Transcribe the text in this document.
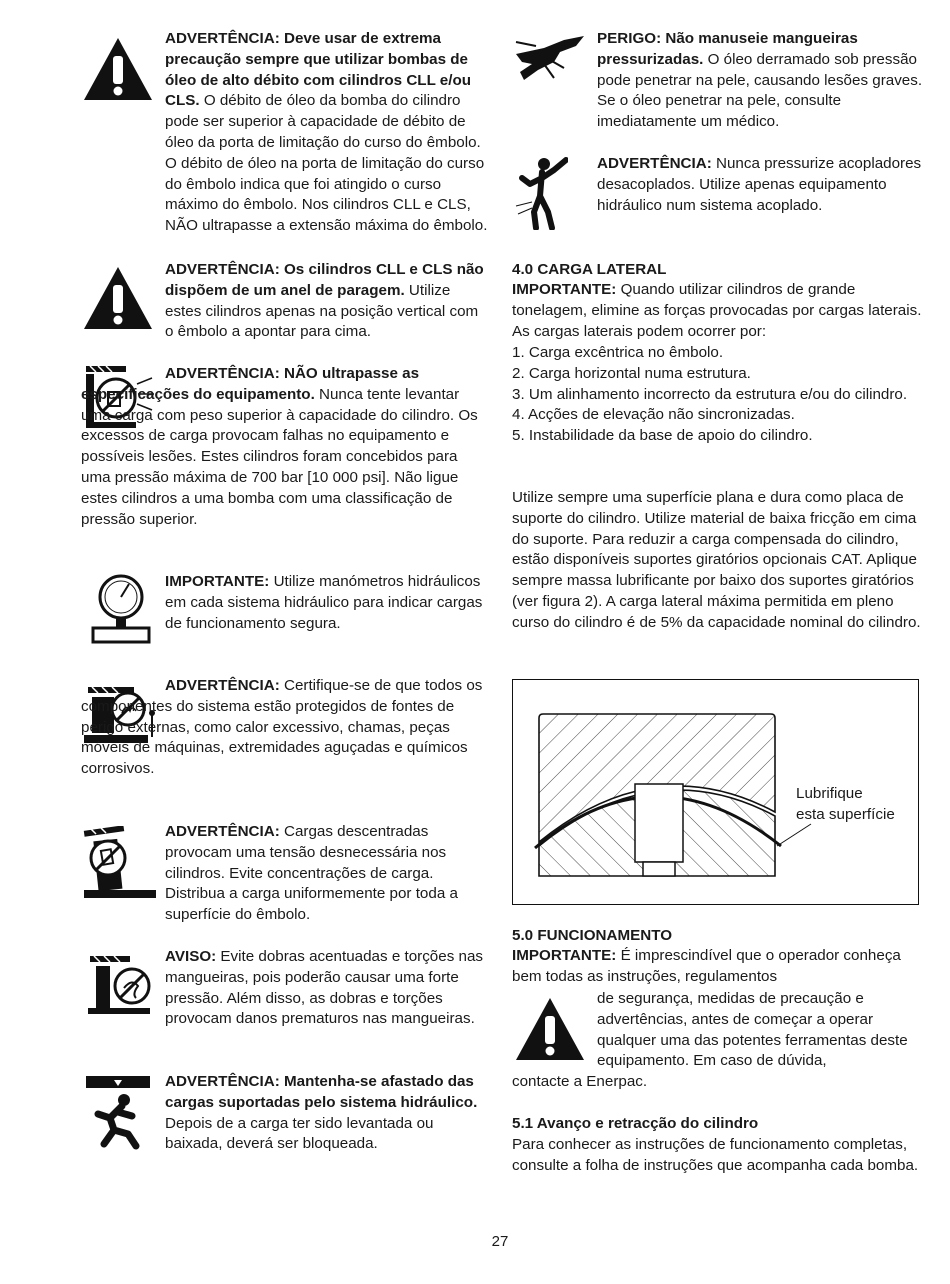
ADVERTÊNCIA: Deve usar de extrema precaução sempre que utilizar bombas de óleo de alto débito com cilindros CLL e/ou CLS. O débito de óleo da bomba do cilindro pode ser superior à capacidade de débito de óleo da porta de limitação do curso do êmbolo. O débito de óleo na porta de limitação do curso do êmbolo indica que foi atingido o curso máximo do êmbolo. Nos cilindros CLL e CLS, NÃO ultrapasse a extensão máxima do êmbolo.

ADVERTÊNCIA: Os cilindros CLL e CLS não dispõem de um anel de paragem. Utilize estes cilindros apenas na posição vertical com o êmbolo a apontar para cima.

ADVERTÊNCIA: NÃO ultrapasse as especificações do equipamento. Nunca tente levantar uma carga com peso superior à capacidade do cilindro. Os excessos de carga provocam falhas no equipamento e possíveis lesões. Estes cilindros foram concebidos para uma pressão máxima de 700 bar [10 000 psi]. Não ligue estes cilindros a uma bomba com uma classificação de pressão superior.

IMPORTANTE: Utilize manómetros hidráulicos em cada sistema hidráulico para indicar cargas de funcionamento segura.

ADVERTÊNCIA: Certifique-se de que todos os componentes do sistema estão protegidos de fontes de perigo externas, como calor excessivo, chamas, peças móveis de máquinas, extremidades aguçadas e químicos corrosivos.

ADVERTÊNCIA: Cargas descentradas provocam uma tensão desnecessária nos cilindros. Evite concentrações de carga. Distribua a carga uniformemente por toda a superfície do êmbolo.

AVISO: Evite dobras acentuadas e torções nas mangueiras, pois poderão causar uma forte pressão. Além disso, as dobras e torções provocam danos prematuros nas mangueiras.

ADVERTÊNCIA: Mantenha-se afastado das cargas suportadas pelo sistema hidráulico. Depois de a carga ter sido levantada ou baixada, deverá ser bloqueada.

PERIGO: Não manuseie mangueiras pressurizadas. O óleo derramado sob pressão pode penetrar na pele, causando lesões graves. Se o óleo penetrar na pele, consulte imediatamente um médico.

ADVERTÊNCIA: Nunca pressurize acopladores desacoplados. Utilize apenas equipamento hidráulico num sistema acoplado.

4.0 CARGA LATERAL

IMPORTANTE: Quando utilizar cilindros de grande tonelagem, elimine as forças provocadas por cargas laterais. As cargas laterais podem ocorrer por:

1. Carga excêntrica no êmbolo.
2. Carga horizontal numa estrutura.
3. Um alinhamento incorrecto da estrutura e/ou do cilindro.
4. Acções de elevação não sincronizadas.
5. Instabilidade da base de apoio do cilindro.

Utilize sempre uma superfície plana e dura como placa de suporte do cilindro. Utilize material de baixa fricção em cima do suporte. Para reduzir a carga compensada do cilindro, estão disponíveis suportes giratórios opcionais CAT. Aplique sempre massa lubrificante por baixo dos suportes giratórios (ver figura 2). A carga lateral máxima permitida em pleno curso do cilindro é de 5% da capacidade nominal do cilindro.

Lubrifique
esta superfície

5.0 FUNCIONAMENTO

IMPORTANTE: É imprescindível que o operador conheça bem todas as instruções, regulamentos

de segurança, medidas de precaução e advertências, antes de começar a operar qualquer uma das potentes ferramentas deste equipamento. Em caso de dúvida,

contacte a Enerpac.

5.1 Avanço e retracção do cilindro

Para conhecer as instruções de funcionamento completas, consulte a folha de instruções que acompanha cada bomba.

27
